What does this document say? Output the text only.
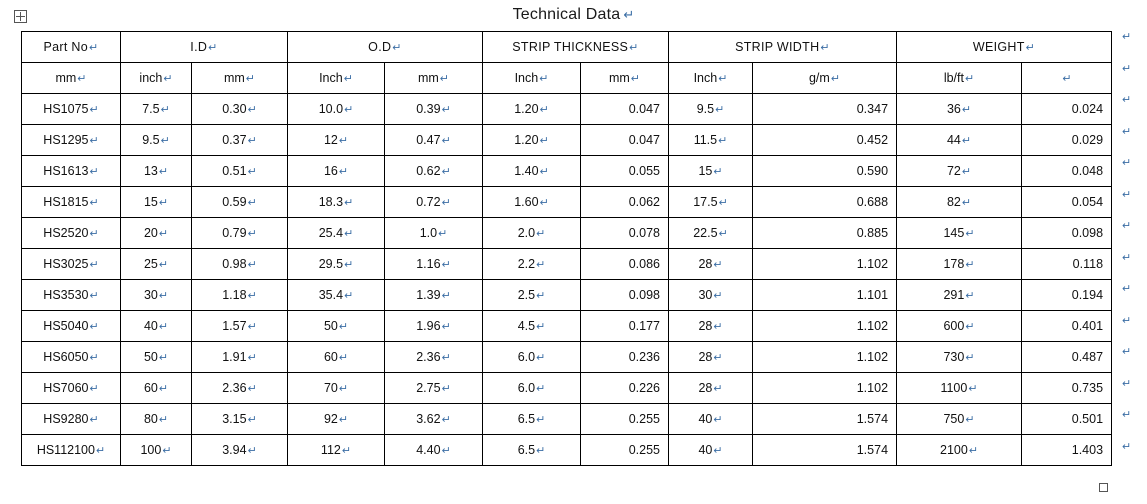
Technical Data ↵
Part No↵	I.D↵		O.D↵		STRIP THICKNESS↵		STRIP WIDTH↵		WEIGHT↵	
mm↵	inch↵	mm↵	Inch↵	mm↵	Inch↵	mm↵	Inch↵	g/m↵	lb/ft↵	↵
HS1075↵	7.5↵	0.30↵	10.0↵	0.39↵	1.20↵	0.047	9.5↵	0.347	36↵	0.024
HS1295↵	9.5↵	0.37↵	12↵	0.47↵	1.20↵	0.047	11.5↵	0.452	44↵	0.029
HS1613↵	13↵	0.51↵	16↵	0.62↵	1.40↵	0.055	15↵	0.590	72↵	0.048
HS1815↵	15↵	0.59↵	18.3↵	0.72↵	1.60↵	0.062	17.5↵	0.688	82↵	0.054
HS2520↵	20↵	0.79↵	25.4↵	1.0↵	2.0↵	0.078	22.5↵	0.885	145↵	0.098
HS3025↵	25↵	0.98↵	29.5↵	1.16↵	2.2↵	0.086	28↵	1.102	178↵	0.118
HS3530↵	30↵	1.18↵	35.4↵	1.39↵	2.5↵	0.098	30↵	1.101	291↵	0.194
HS5040↵	40↵	1.57↵	50↵	1.96↵	4.5↵	0.177	28↵	1.102	600↵	0.401
HS6050↵	50↵	1.91↵	60↵	2.36↵	6.0↵	0.236	28↵	1.102	730↵	0.487
HS7060↵	60↵	2.36↵	70↵	2.75↵	6.0↵	0.226	28↵	1.102	1100↵	0.735
HS9280↵	80↵	3.15↵	92↵	3.62↵	6.5↵	0.255	40↵	1.574	750↵	0.501
HS112100↵	100↵	3.94↵	112↵	4.40↵	6.5↵	0.255	40↵	1.574	2100↵	1.403
↵
↵
↵
↵
↵
↵
↵
↵
↵
↵
↵
↵
↵
↵
